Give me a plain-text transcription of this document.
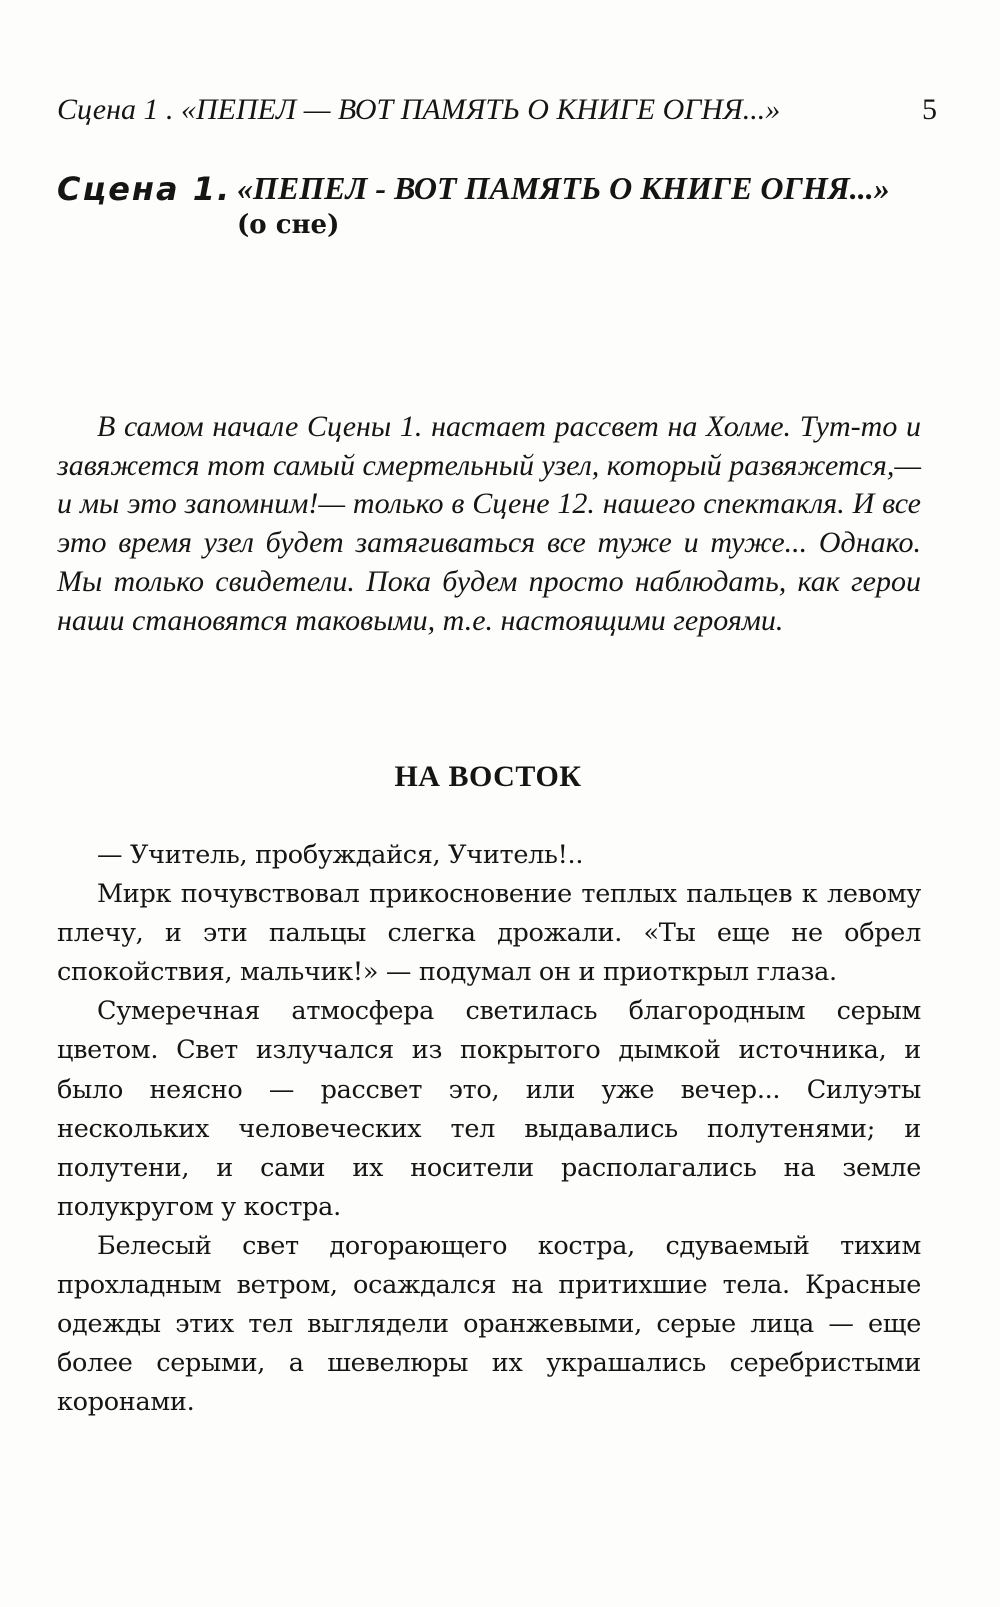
Сцена 1 . «ПЕПЕЛ — ВОТ ПАМЯТЬ О КНИГЕ ОГНЯ...»	5
Сцена 1. «ПЕПЕЛ - ВОТ ПАМЯТЬ О КНИГЕ ОГНЯ...»
(о сне)

В самом начале Сцены 1. настает рассвет на Холме. Тут-то и завяжется тот самый смертельный узел, который развяжется,— и мы это запомним!— только в Сцене 12. нашего спектакля. И все это время узел будет затягиваться все туже и туже... Однако. Мы только свидетели. Пока будем просто наблюдать, как герои наши становятся таковыми, т.е. настоящими героями.

НА ВОСТОК

— Учитель, пробуждайся, Учитель!..

Мирк почувствовал прикосновение теплых пальцев к левому плечу, и эти пальцы слегка дрожали. «Ты еще не обрел спокойствия, мальчик!» — подумал он и приоткрыл глаза.

Сумеречная атмосфера светилась благородным серым цветом. Свет излучался из покрытого дымкой источника, и было неясно — рассвет это, или уже вечер... Силуэты нескольких человеческих тел выдавались полутенями; и полутени, и сами их носители располагались на земле полукругом у костра.

Белесый свет догорающего костра, сдуваемый тихим прохладным ветром, осаждался на притихшие тела. Красные одежды этих тел выглядели оранжевыми, серые лица — еще более серыми, а шевелюры их украшались серебристыми коронами.
